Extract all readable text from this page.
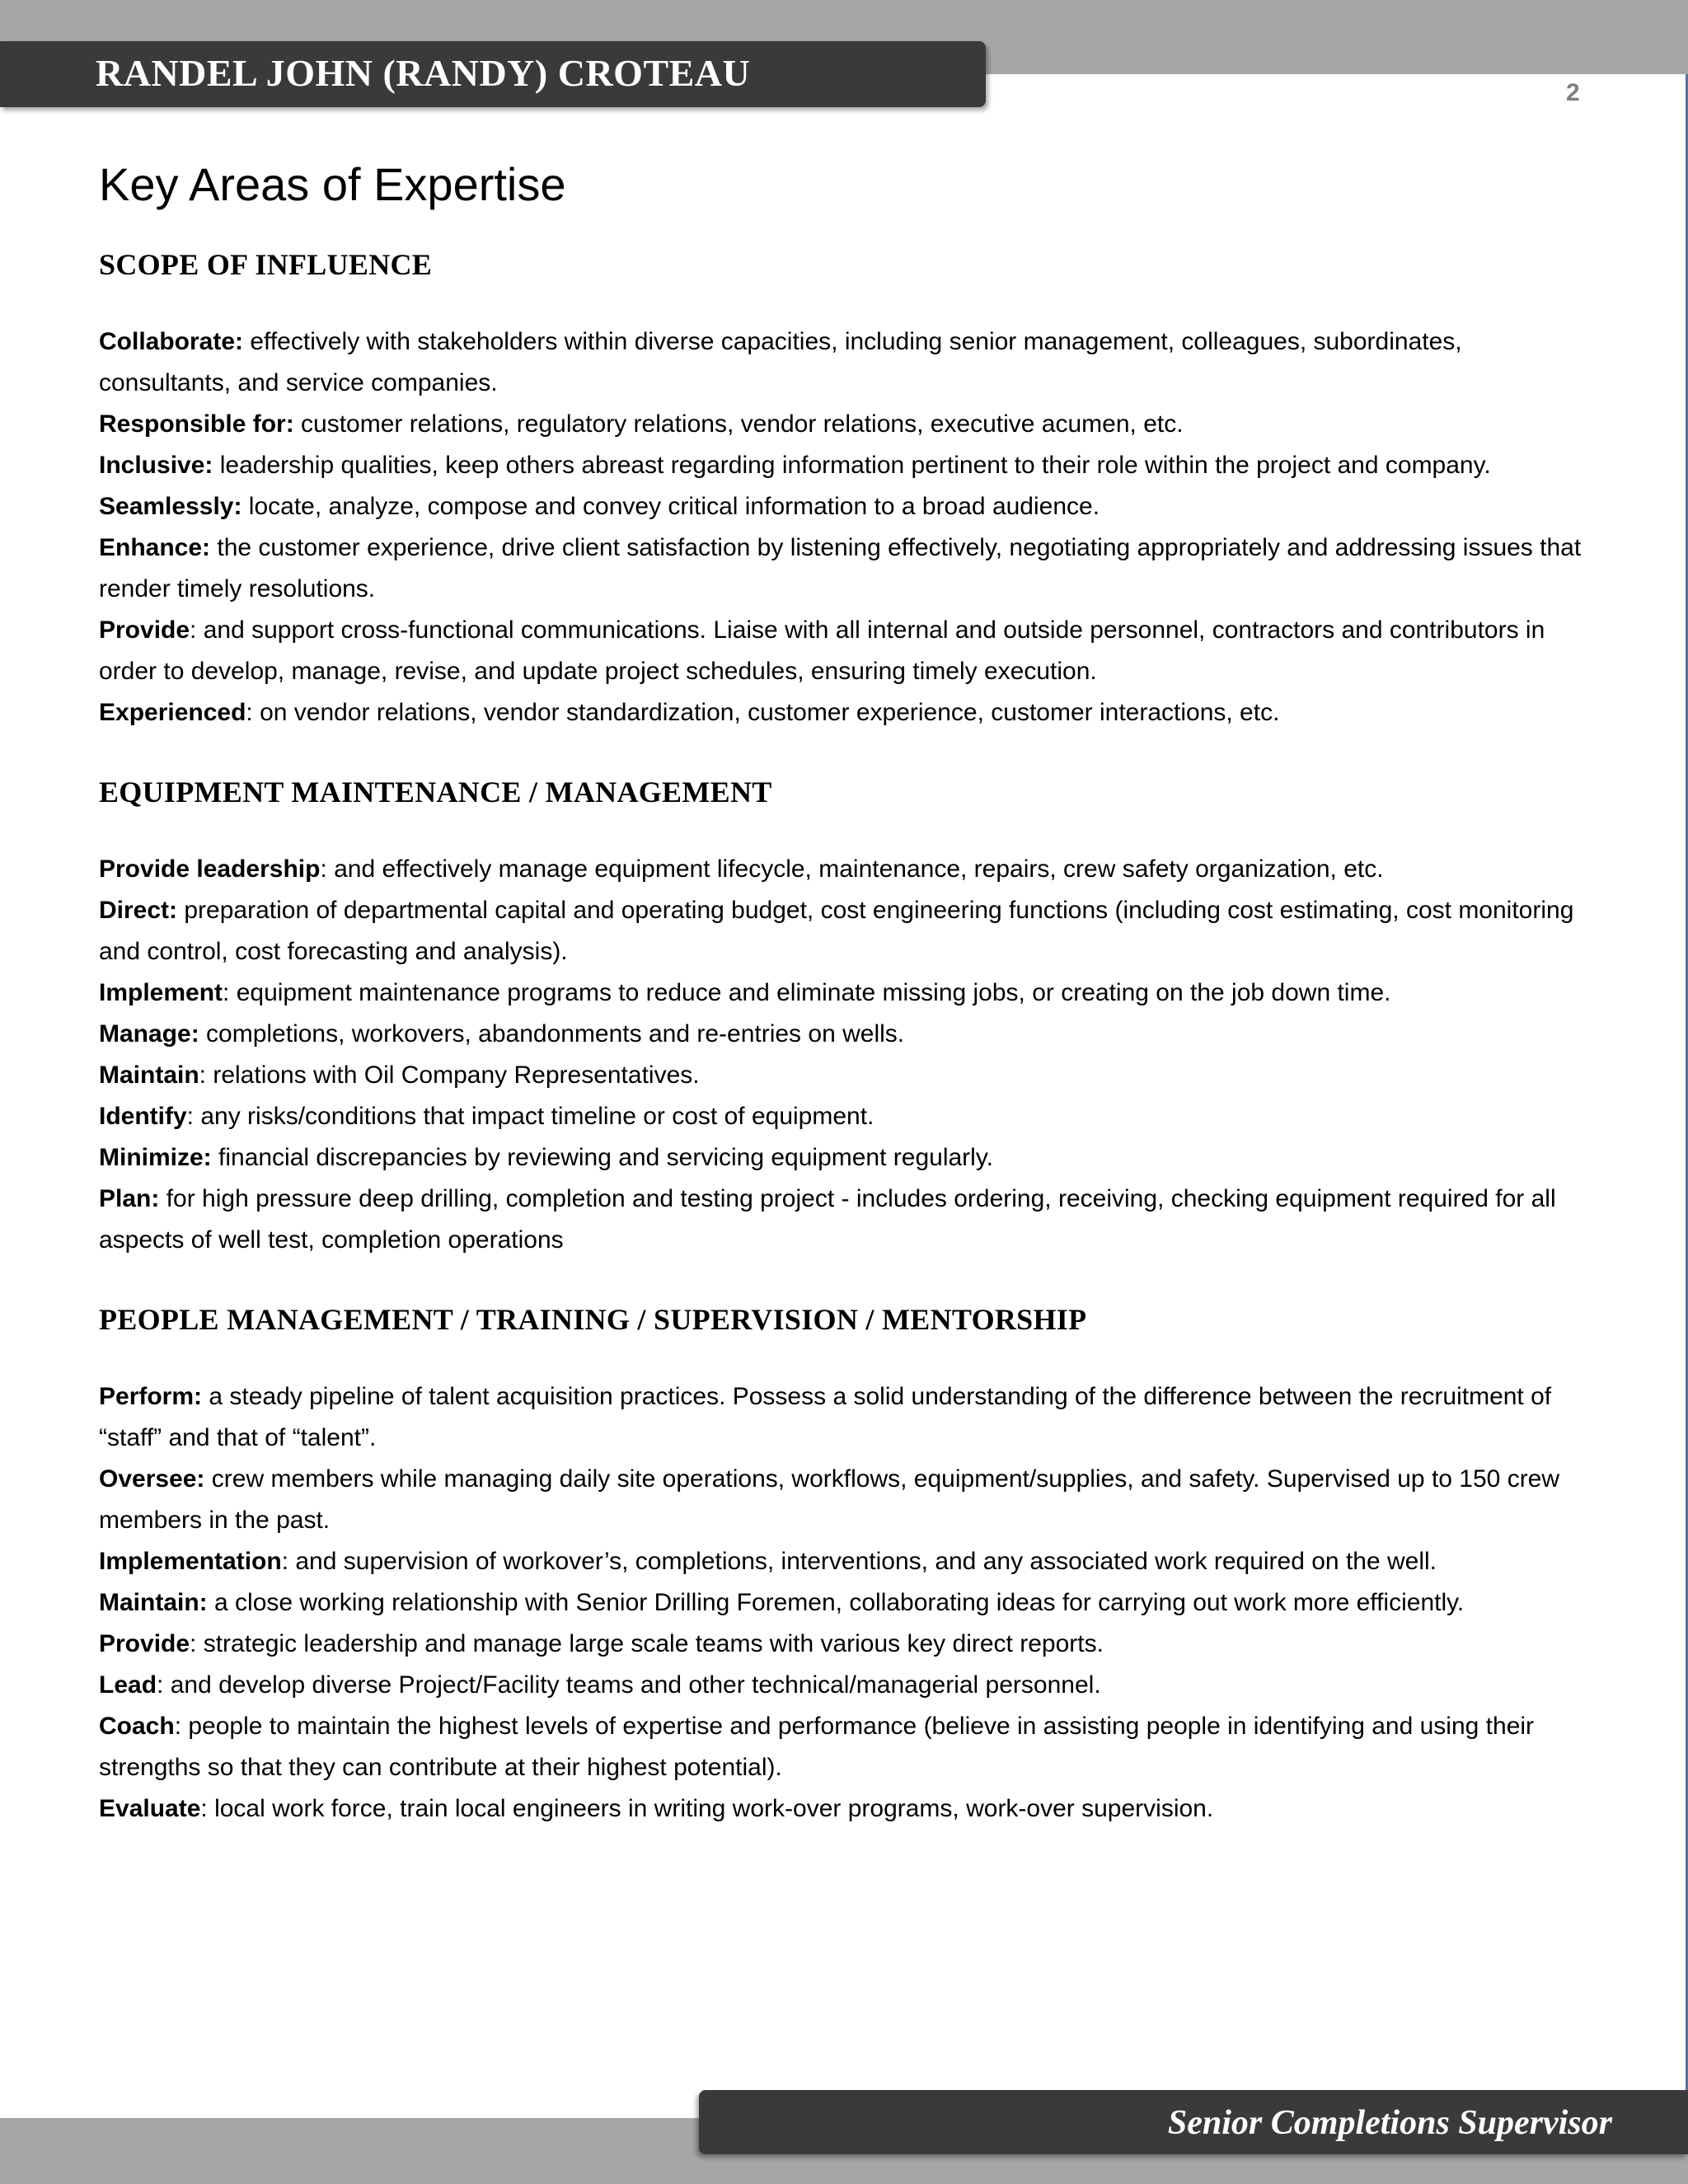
RANDEL JOHN (RANDY) CROTEAU	2
Key Areas of Expertise
SCOPE OF INFLUENCE

Collaborate: effectively with stakeholders within diverse capacities, including senior management, colleagues, subordinates, consultants, and service companies.

Responsible for: customer relations, regulatory relations, vendor relations, executive acumen, etc.

Inclusive: leadership qualities, keep others abreast regarding information pertinent to their role within the project and company.

Seamlessly: locate, analyze, compose and convey critical information to a broad audience.

Enhance: the customer experience, drive client satisfaction by listening effectively, negotiating appropriately and addressing issues that render timely resolutions.

Provide: and support cross-functional communications. Liaise with all internal and outside personnel, contractors and contributors in order to develop, manage, revise, and update project schedules, ensuring timely execution.

Experienced: on vendor relations, vendor standardization, customer experience, customer interactions, etc.

EQUIPMENT MAINTENANCE / MANAGEMENT

Provide leadership: and effectively manage equipment lifecycle, maintenance, repairs, crew safety organization, etc.

Direct: preparation of departmental capital and operating budget, cost engineering functions (including cost estimating, cost monitoring and control, cost forecasting and analysis).

Implement: equipment maintenance programs to reduce and eliminate missing jobs, or creating on the job down time.

Manage: completions, workovers, abandonments and re-entries on wells.

Maintain: relations with Oil Company Representatives.

Identify: any risks/conditions that impact timeline or cost of equipment.

Minimize: financial discrepancies by reviewing and servicing equipment regularly.

Plan: for high pressure deep drilling, completion and testing project - includes ordering, receiving, checking equipment required for all aspects of well test, completion operations

PEOPLE MANAGEMENT / TRAINING / SUPERVISION / MENTORSHIP

Perform: a steady pipeline of talent acquisition practices. Possess a solid understanding of the difference between the recruitment of “staff” and that of “talent”.

Oversee: crew members while managing daily site operations, workflows, equipment/supplies, and safety. Supervised up to 150 crew members in the past.

Implementation: and supervision of workover’s, completions, interventions, and any associated work required on the well.

Maintain: a close working relationship with Senior Drilling Foremen, collaborating ideas for carrying out work more efficiently.

Provide: strategic leadership and manage large scale teams with various key direct reports.

Lead: and develop diverse Project/Facility teams and other technical/managerial personnel.

Coach: people to maintain the highest levels of expertise and performance (believe in assisting people in identifying and using their strengths so that they can contribute at their highest potential).

Evaluate: local work force, train local engineers in writing work-over programs, work-over supervision.

Senior Completions Supervisor
